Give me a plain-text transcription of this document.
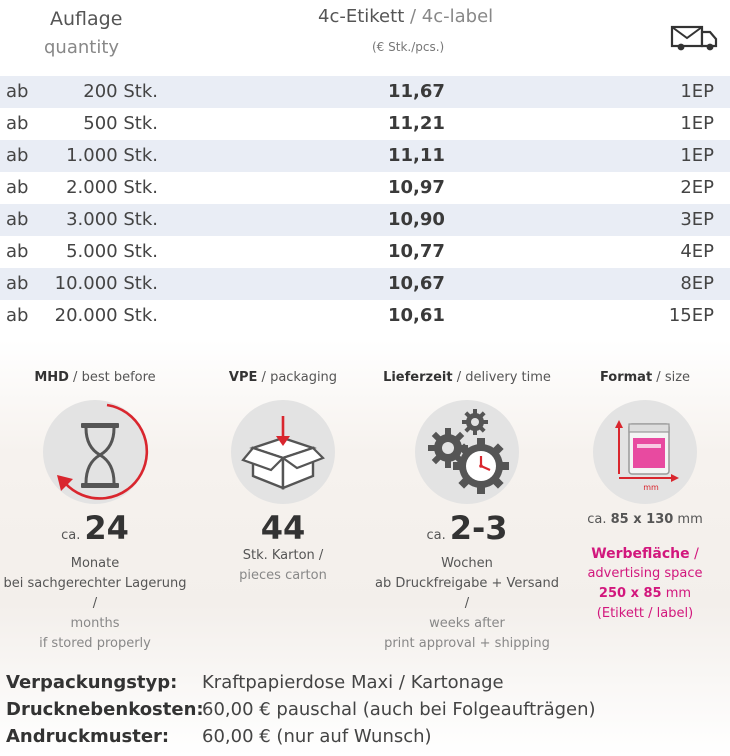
Auflage
quantity
4c-Etikett / 4c-label
(€ Stk./pcs.)
ab	200 Stk.	11,67	1EP
ab	500 Stk.	11,21	1EP
ab 1.000 Stk.	11,11	1EP
ab 2.000 Stk.	10,97	2EP
ab 3.000 Stk.	10,90	3EP
ab 5.000 Stk.	10,77	4EP
ab 10.000 Stk.	10,67	8EP
ab 20.000 Stk.	10,61	15EP
MHD / best before
ca. 24
Monate
bei sachgerechter Lagerung /
months
if stored properly
VPE / packaging
44
Stk. Karton /
pieces carton
Lieferzeit / delivery time
ca. 2-3
Wochen
ab Druckfreigabe + Versand /
weeks after
print approval + shipping
Format / size
mm
ca. 85 x 130 mm
Werbefläche /
advertising space
250 x 85 mm
(Etikett / label)
Verpackungstyp: Kraftpapierdose Maxi / Kartonage
Drucknebenkosten:
60,00 € pauschal (auch bei Folgeaufträgen)
Andruckmuster: 60,00 € (nur auf Wunsch)
